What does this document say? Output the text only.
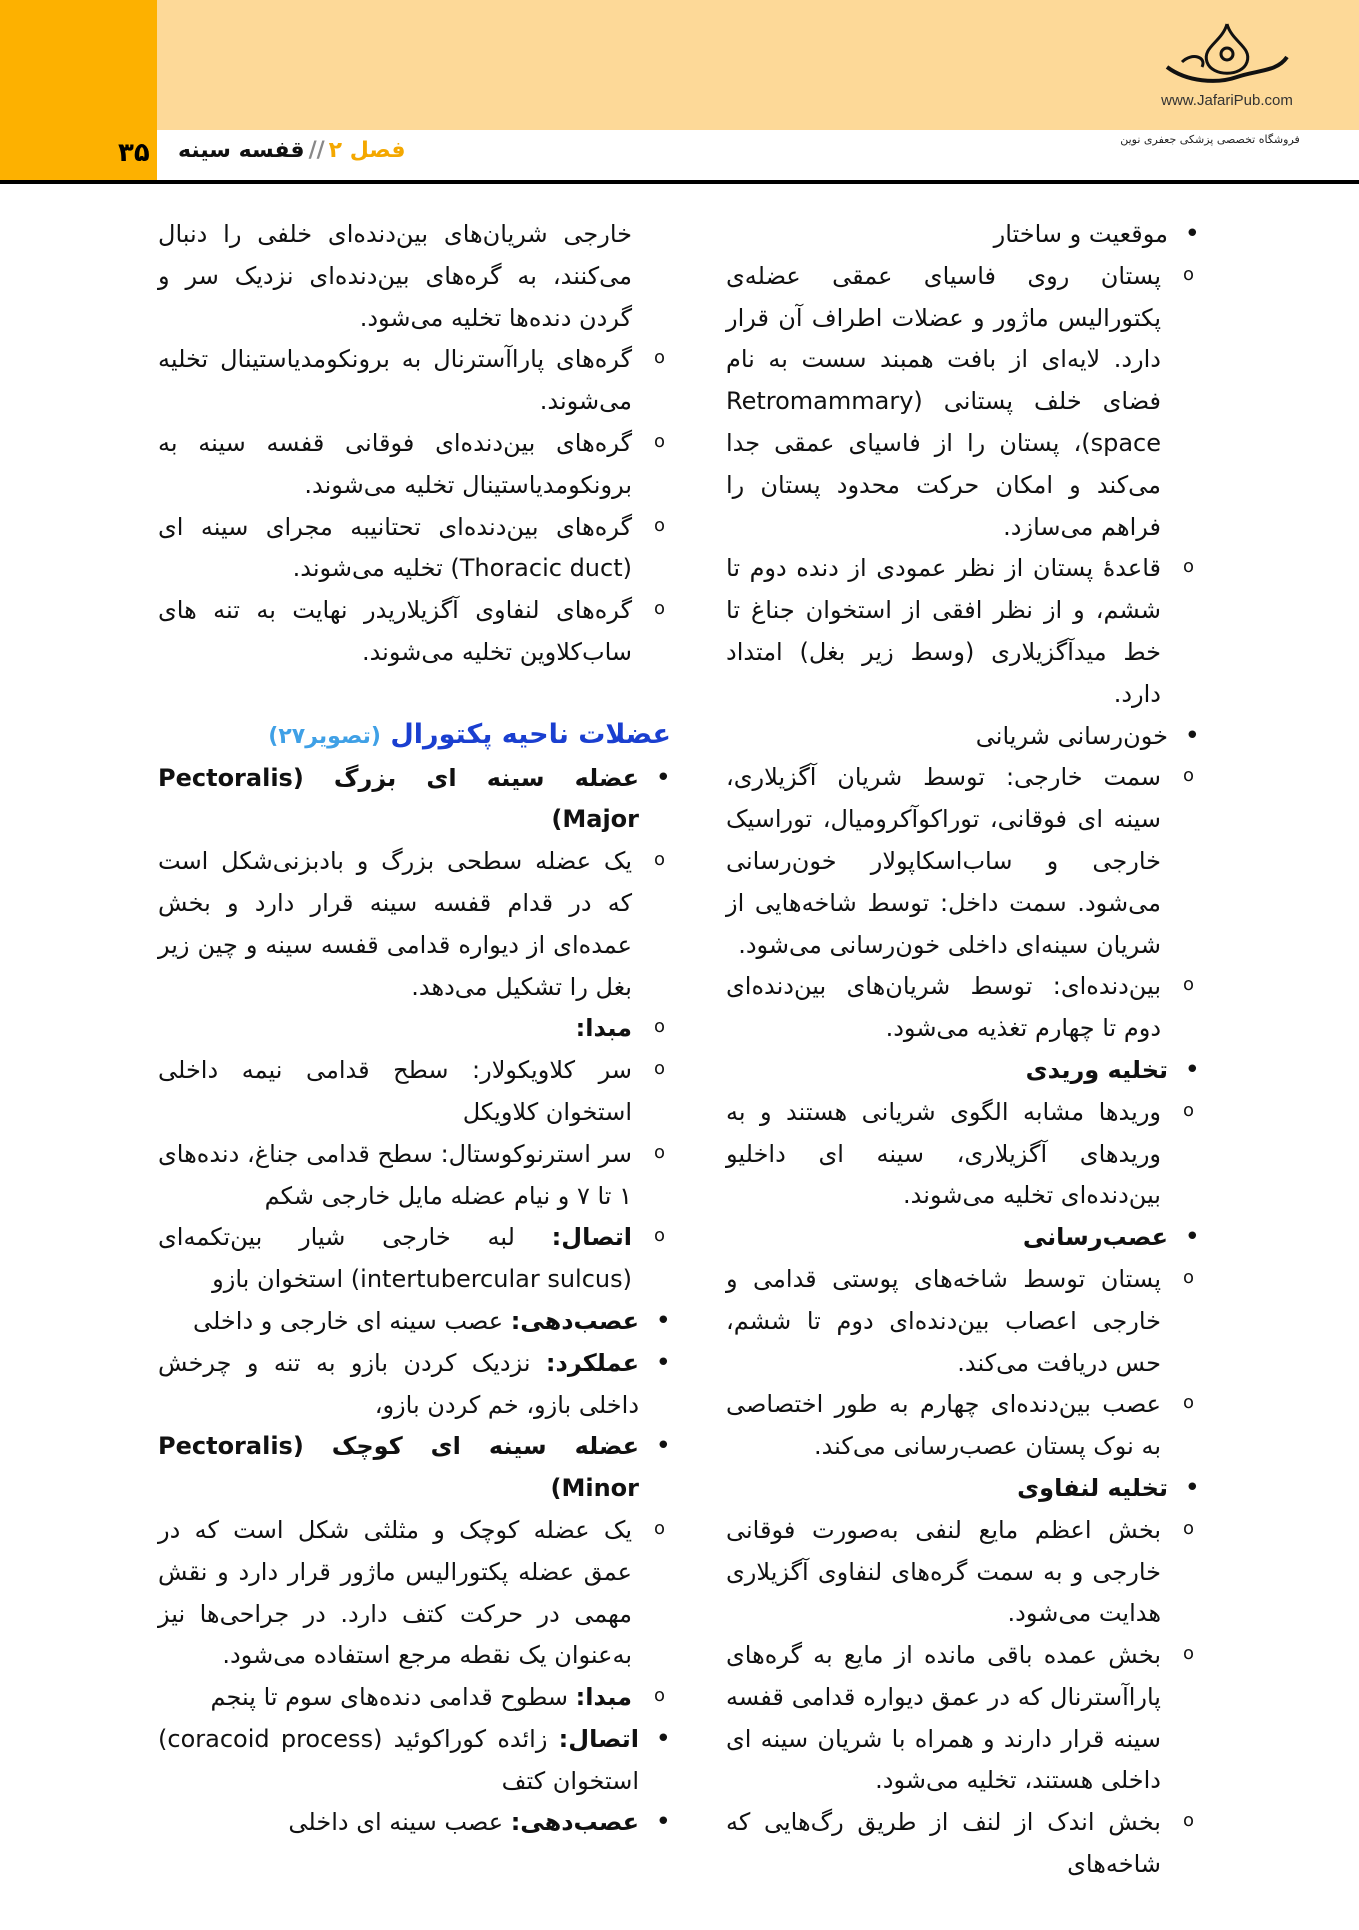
۳۵	فصل ۲//قفسه سینه
www.JafariPub.com
فروشگاه تخصصی پزشکی جعفری نوین

• موقعیت و ساختار

o پستان روی فاسیای عمقی عضله‌ی پکتورالیس ماژور و عضلات اطراف آن قرار دارد. لایه‌ای از بافت همبند سست به نام فضای خلف پستانی (Retromammary space)، پستان را از فاسیای عمقی جدا می‌کند و امکان حرکت محدود پستان را فراهم می‌سازد.

o قاعدهٔ پستان از نظر عمودی از دنده دوم تا ششم، و از نظر افقی از استخوان جناغ تا خط میدآگزیلاری (وسط زیر بغل) امتداد دارد.

• خون‌رسانی شریانی

o سمت خارجی: توسط شریان آگزیلاری، سینه ای فوقانی، توراکوآکرومیال، توراسیک خارجی و ساب‌اسکاپولار خون‌رسانی می‌شود. سمت داخل: توسط شاخه‌هایی از شریان سینه‌ای داخلی خون‌رسانی می‌شود.

o بین‌دنده‌ای: توسط شریان‌های بین‌دنده‌ای دوم تا چهارم تغذیه می‌شود.

• تخلیه وریدی

o وریدها مشابه الگوی شریانی هستند و به وریدهای آگزیلاری، سینه ای داخلیو بین‌دنده‌ای تخلیه می‌شوند.

• عصب‌رسانی

o پستان توسط شاخه‌های پوستی قدامی و خارجی اعصاب بین‌دنده‌ای دوم تا ششم، حس دریافت می‌کند.

o عصب بین‌دنده‌ای چهارم به طور اختصاصی به نوک پستان عصب‌رسانی می‌کند.

• تخلیه لنفاوی

o بخش اعظم مایع لنفی به‌صورت فوقانی خارجی و به سمت گره‌های لنفاوی آگزیلاری هدایت می‌شود.

o بخش عمده باقی مانده از مایع به گره‌های پاراآسترنال که در عمق دیواره قدامی قفسه سینه قرار دارند و همراه با شریان سینه ای داخلی هستند، تخلیه می‌شود.

o بخش اندک از لنف از طریق رگ‌هایی که شاخه‌های

خارجی شریان‌های بین‌دنده‌ای خلفی را دنبال می‌کنند، به گره‌های بین‌دنده‌ای نزدیک سر و گردن دنده‌ها تخلیه می‌شود.

o گره‌های پاراآسترنال به برونکومدیاستینال تخلیه می‌شوند.

o گره‌های بین‌دنده‌ای فوقانی قفسه سینه به برونکومدیاستینال تخلیه می‌شوند.

o گره‌های بین‌دنده‌ای تحتانیبه مجرای سینه ای (Thoracic duct) تخلیه می‌شوند.

o گره‌های لنفاوی آگزیلاریدر نهایت به تنه های ساب‌کلاوین تخلیه می‌شوند.

عضلات ناحیه پکتورال (تصویر۲۷)

• عضله سینه ای بزرگ (Pectoralis Major)

o یک عضله سطحی بزرگ و بادبزنی‌شکل است که در قدام قفسه سینه قرار دارد و بخش عمده‌ای از دیواره قدامی قفسه سینه و چین زیر بغل را تشکیل می‌دهد.

o مبدا:

o سر کلاویکولار: سطح قدامی نیمه داخلی استخوان کلاویکل

o سر استرنوکوستال: سطح قدامی جناغ، دنده‌های ۱ تا ۷ و نیام عضله مایل خارجی شکم

o اتصال: لبه خارجی شیار بین‌تکمه‌ای (intertubercular sulcus) استخوان بازو

• عصب‌دهی: عصب سینه ای خارجی و داخلی

• عملکرد: نزدیک کردن بازو به تنه و چرخش داخلی بازو، خم کردن بازو،

• عضله سینه ای کوچک (Pectoralis Minor)

o یک عضله کوچک و مثلثی شکل است که در عمق عضله پکتورالیس ماژور قرار دارد و نقش مهمی در حرکت کتف دارد. در جراحی‌ها نیز به‌عنوان یک نقطه مرجع استفاده می‌شود.

o مبدا: سطوح قدامی دنده‌های سوم تا پنجم

• اتصال: زائده کوراکوئید (coracoid process) استخوان کتف

• عصب‌دهی: عصب سینه ای داخلی
